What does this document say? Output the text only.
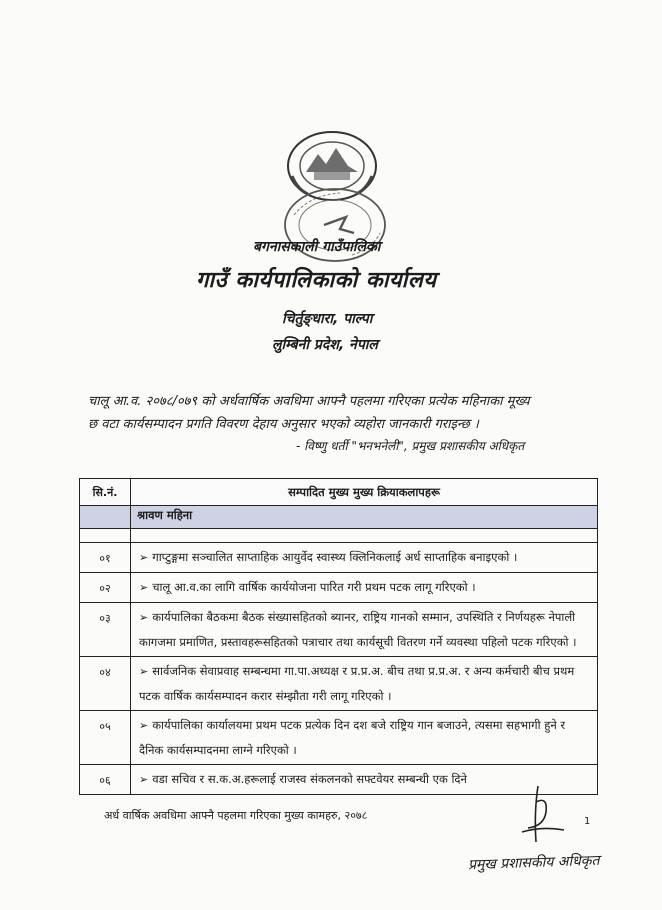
बगनासकाली गाउँपालिका
गाउँ कार्यपालिकाको कार्यालय
चिर्तुङ्धारा, पाल्पा
लुम्बिनी प्रदेश, नेपाल
चालू आ.व. २०७८/०७९ को अर्धवार्षिक अवधिमा आफ्नै पहलमा गरिएका प्रत्येक महिनाका मूख्य
छ वटा कार्यसम्पादन प्रगति विवरण देहाय अनुसार भएको व्यहोरा जानकारी गराइन्छ ।
- विष्णु धर्ती "भनभनेली", प्रमुख प्रशासकीय अधिकृत
सि.नं.	सम्पादित मुख्य मुख्य क्रियाकलापहरू
	श्रावण महिना

०१	➢ गाप्टुङ्गमा सञ्चालित साप्ताहिक आयुर्वेद स्वास्थ्य क्लिनिकलाई अर्ध साप्ताहिक बनाइएको ।
०२	➢ चालू आ.व.का लागि वार्षिक कार्ययोजना पारित गरी प्रथम पटक लागू गरिएको ।
०३	➢ कार्यपालिका बैठकमा बैठक संख्यासहितको ब्यानर, राष्ट्रिय गानको सम्मान, उपस्थिति र निर्णयहरू नेपाली कागजमा प्रमाणित, प्रस्तावहरूसहितको पत्राचार तथा कार्यसूची वितरण गर्ने व्यवस्था पहिलो पटक गरिएको ।
०४	➢ सार्वजनिक सेवाप्रवाह सम्बन्धमा गा.पा.अध्यक्ष र प्र.प्र.अ. बीच तथा प्र.प्र.अ. र अन्य कर्मचारी बीच प्रथम पटक वार्षिक कार्यसम्पादन करार संम्झौता गरी लागू गरिएको ।
०५	➢ कार्यपालिका कार्यालयमा प्रथम पटक प्रत्येक दिन दश बजे राष्ट्रिय गान बजाउने, त्यसमा सहभागी हुने र दैनिक कार्यसम्पादनमा लाग्ने गरिएको ।
०६	➢ वडा सचिव र स.क.अ.हरूलाई राजस्व संकलनको सफ्टवेयर सम्बन्धी एक दिने
अर्ध वार्षिक अवधिमा आफ्नै पहलमा गरिएका मुख्य कामहरु, २०७८	1
प्रमुख प्रशासकीय अधिकृत
